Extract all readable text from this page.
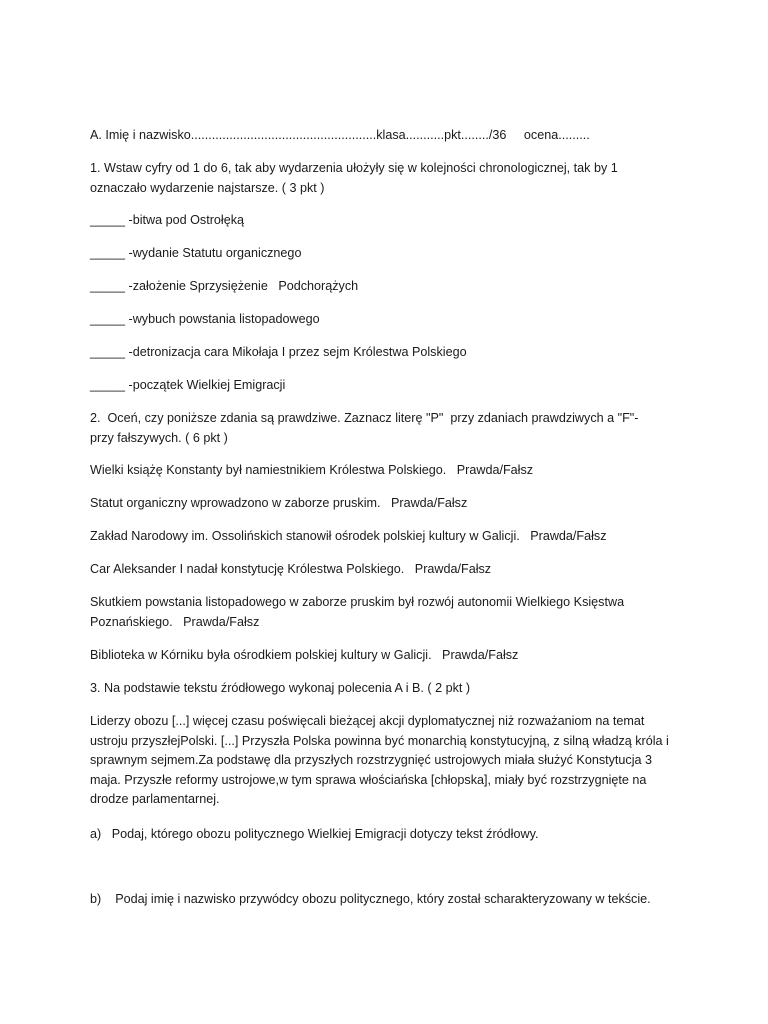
A. Imię i nazwisko.....................................................klasa...........pkt......../36     ocena.........

1. Wstaw cyfry od 1 do 6, tak aby wydarzenia ułożyły się w kolejności chronologicznej, tak by 1 oznaczało wydarzenie najstarsze. ( 3 pkt )

_____ -bitwa pod Ostrołęką

_____ -wydanie Statutu organicznego

_____ -założenie Sprzysiężenie   Podchorążych

_____ -wybuch powstania listopadowego

_____ -detronizacja cara Mikołaja I przez sejm Królestwa Polskiego

_____ -początek Wielkiej Emigracji

2.  Oceń, czy poniższe zdania są prawdziwe. Zaznacz literę "P"  przy zdaniach prawdziwych a "F"- przy fałszywych. ( 6 pkt )

Wielki książę Konstanty był namiestnikiem Królestwa Polskiego.   Prawda/Fałsz

Statut organiczny wprowadzono w zaborze pruskim.   Prawda/Fałsz

Zakład Narodowy im. Ossolińskich stanowił ośrodek polskiej kultury w Galicji.   Prawda/Fałsz

Car Aleksander I nadał konstytucję Królestwa Polskiego.   Prawda/Fałsz

Skutkiem powstania listopadowego w zaborze pruskim był rozwój autonomii Wielkiego Księstwa Poznańskiego.   Prawda/Fałsz

Biblioteka w Kórniku była ośrodkiem polskiej kultury w Galicji.   Prawda/Fałsz

3. Na podstawie tekstu źródłowego wykonaj polecenia A i B. ( 2 pkt )

Liderzy obozu [...] więcej czasu poświęcali bieżącej akcji dyplomatycznej niż rozważaniom na temat ustroju przyszłejPolski. [...] Przyszła Polska powinna być monarchią konstytucyjną, z silną władzą króla i sprawnym sejmem.Za podstawę dla przyszłych rozstrzygnięć ustrojowych miała służyć Konstytucja 3 maja. Przyszłe reformy ustrojowe,w tym sprawa włościańska [chłopska], miały być rozstrzygnięte na drodze parlamentarnej.

a)   Podaj, którego obozu politycznego Wielkiej Emigracji dotyczy tekst źródłowy.

b)    Podaj imię i nazwisko przywódcy obozu politycznego, który został scharakteryzowany w tekście.
